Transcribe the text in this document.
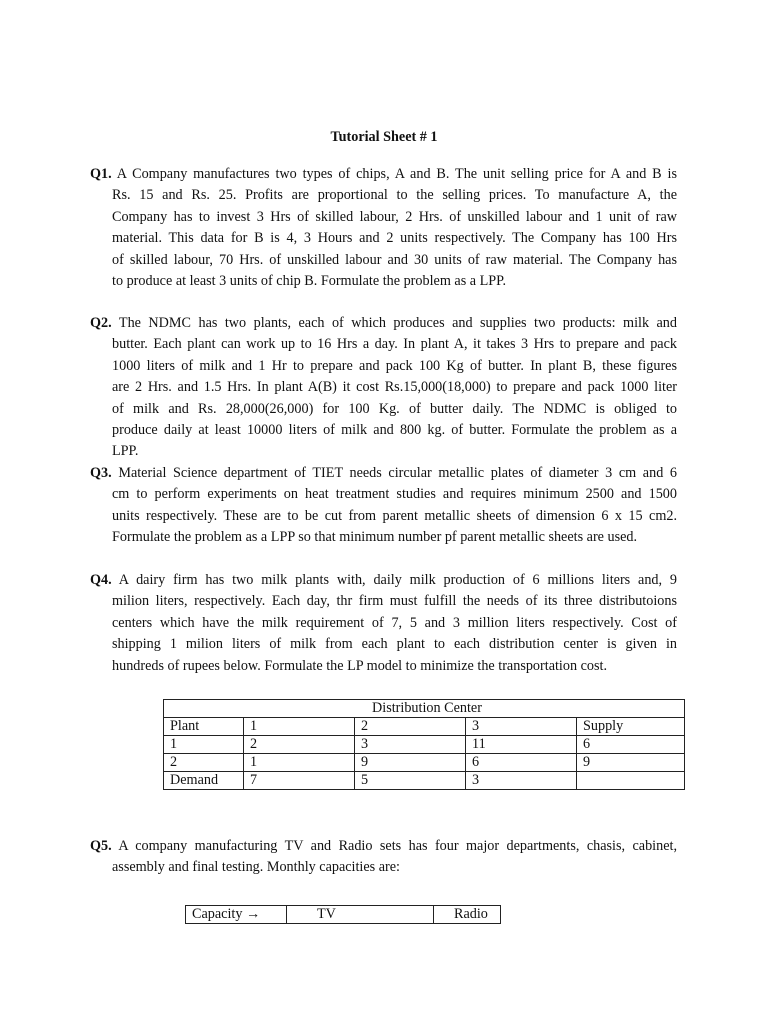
Tutorial Sheet # 1
Q1. A Company manufactures two types of chips, A and B. The unit selling price for A and B is
Rs. 15 and Rs. 25. Profits are proportional to the selling prices. To manufacture A, the
Company has to invest 3 Hrs of skilled labour, 2 Hrs. of unskilled labour and 1 unit of raw
material. This data for B is 4, 3 Hours and 2 units respectively. The Company has 100 Hrs
of skilled labour, 70 Hrs. of unskilled labour and 30 units of raw material. The Company has
to produce at least 3 units of chip B. Formulate the problem as a LPP.
Q2. The NDMC has two plants, each of which produces and supplies two products: milk and
butter. Each plant can work up to 16 Hrs a day. In plant A, it takes 3 Hrs to prepare and pack
1000 liters of milk and 1 Hr to prepare and pack 100 Kg of butter. In plant B, these figures
are 2 Hrs. and 1.5 Hrs. In plant A(B) it cost Rs.15,000(18,000) to prepare and pack 1000 liter
of milk and Rs. 28,000(26,000) for 100 Kg. of butter daily. The NDMC is obliged to
produce daily at least 10000 liters of milk and 800 kg. of butter. Formulate the problem as a
LPP.
Q3. Material Science department of TIET needs circular metallic plates of diameter 3 cm and 6
cm to perform experiments on heat treatment studies and requires minimum 2500 and 1500
units respectively. These are to be cut from parent metallic sheets of dimension 6 x 15 cm2.
Formulate the problem as a LPP so that minimum number pf parent metallic sheets are used.
Q4. A dairy firm has two milk plants with, daily milk production of 6 millions liters and, 9
milion liters, respectively. Each day, thr firm must fulfill the needs of its three distributoions
centers which have the milk requirement of 7, 5 and 3 million liters respectively. Cost of
shipping 1 milion liters of milk from each plant to each distribution center is given in
hundreds of rupees below. Formulate the LP model to minimize the transportation cost.
Q5. A company manufacturing TV and Radio sets has four major departments, chasis, cabinet,
assembly and final testing. Monthly capacities are:
Distribution Center				
Plant	1	2	3	Supply
1	2	3	11	6
2	1	9	6	9
Demand	7	5	3	
Capacity →	TV	Radio
